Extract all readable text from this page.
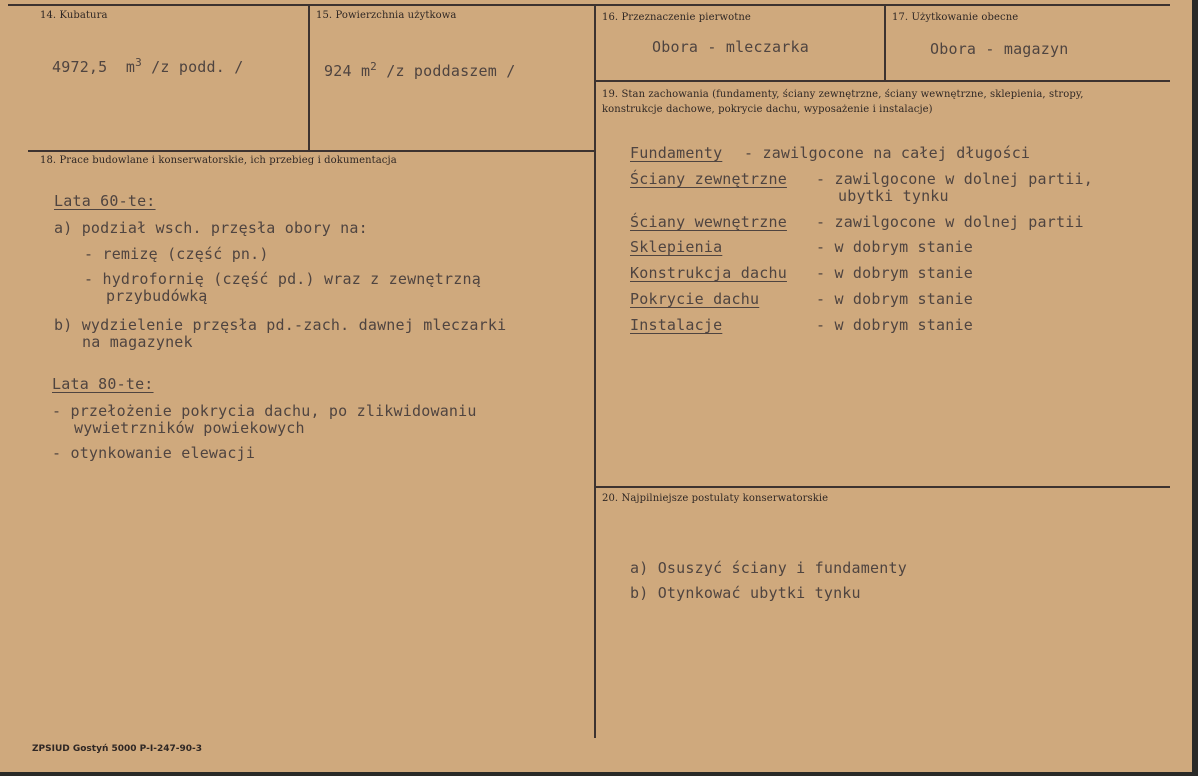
14. Kubatura
4972,5 $m^3$ /z podd. /
15. Powierzchnia użytkowa
924 $m^2$ /z poddaszem /
16. Przeznaczenie pierwotne
Obora - mleczarka
17. Użytkowanie obecne
Obora - magazyn
18. Prace budowlane i konserwatorskie, ich przebieg i dokumentacja
Lata 60-te:
a) podział wsch. przęsła obory na:
- remizę (część pn.)
- hydrofornię (część pd.) wraz z zewnętrzną
przybudówką
b) wydzielenie przęsła pd.-zach. dawnej mleczarki
na magazynek
Lata 80-te:
- przełożenie pokrycia dachu, po zlikwidowaniu
wywietrzników powiekowych
- otynkowanie elewacji
19. Stan zachowania (fundamenty, ściany zewnętrzne, ściany wewnętrzne, sklepienia, stropy, konstrukcje dachowe, pokrycie dachu, wyposażenie i instalacje)
Fundamenty - zawilgocone na całej długości
Ściany zewnętrzne - zawilgocone w dolnej partii,
ubytki tynku
Ściany wewnętrzne - zawilgocone w dolnej partii
Sklepienia	- w dobrym stanie
Konstrukcja dachu - w dobrym stanie
Pokrycie dachu	- w dobrym stanie
Instalacje	- w dobrym stanie
20. Najpilniejsze postulaty konserwatorskie
a) Osuszyć ściany i fundamenty
b) Otynkować ubytki tynku
ZPSIUD Gostyń 5000 P-I-247-90-3
